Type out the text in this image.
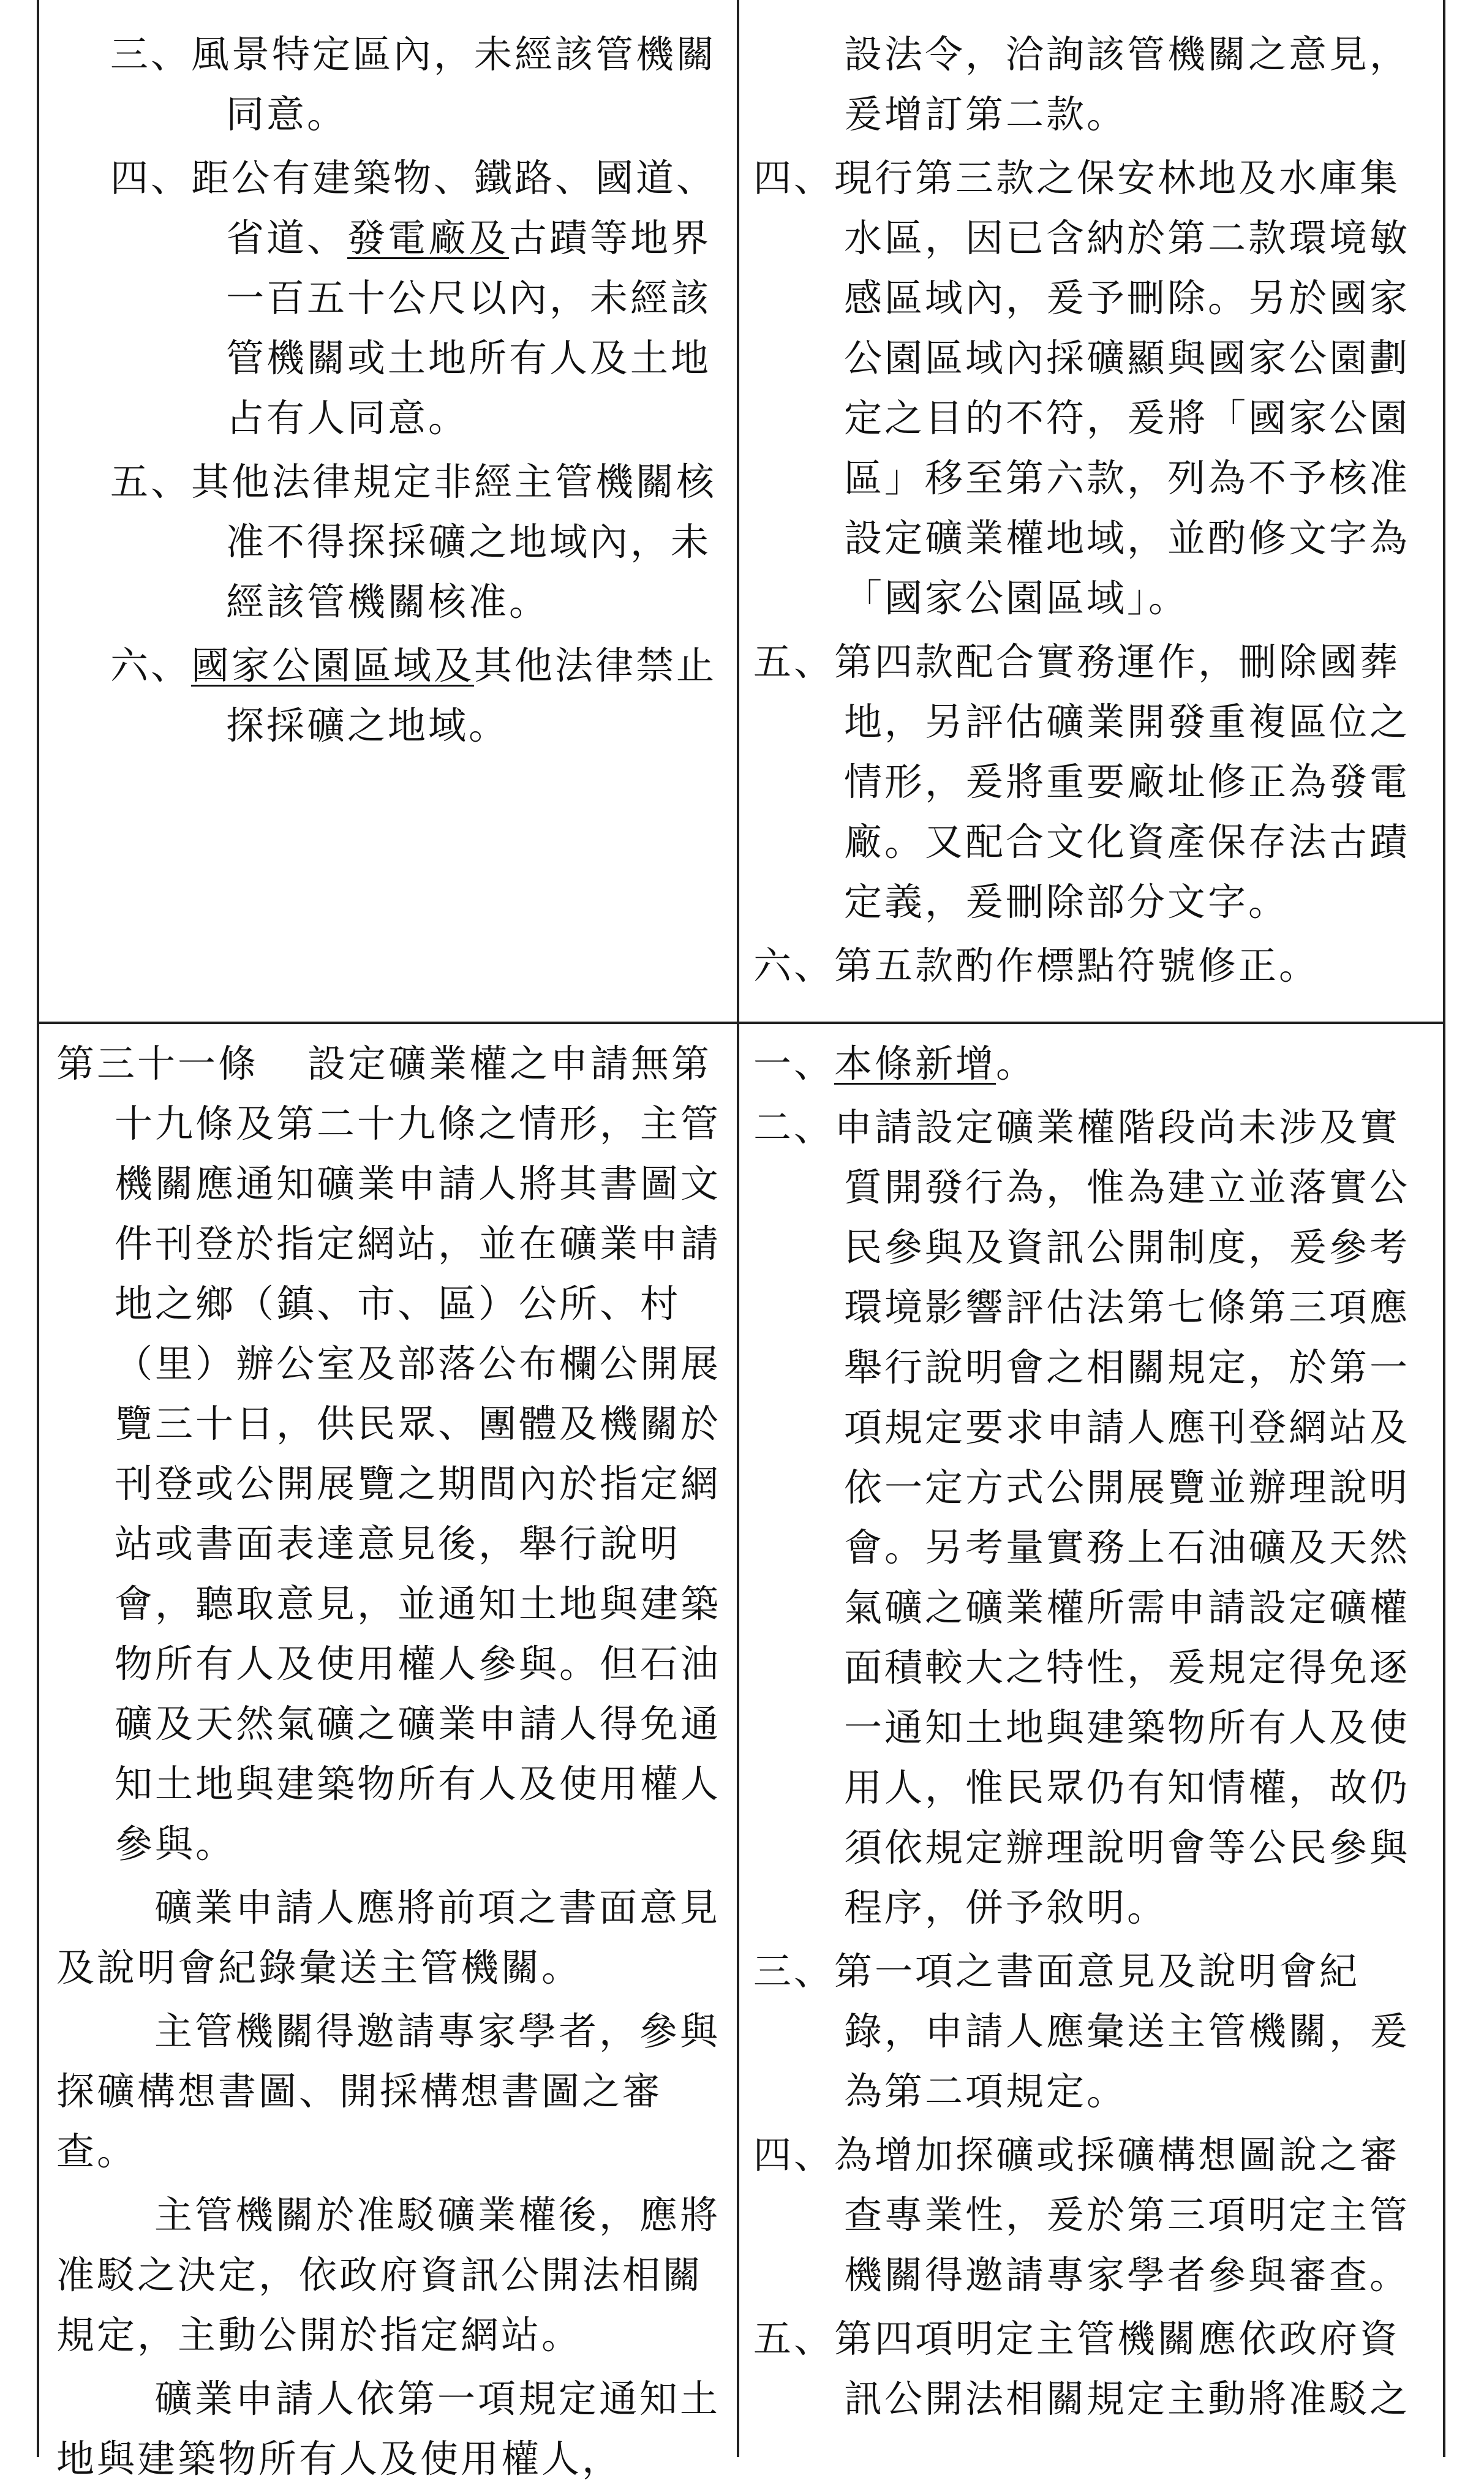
三、風景特定區內，未經該管機關同意。

四、距公有建築物、鐵路、國道、省道、發電廠及古蹟等地界一百五十公尺以內，未經該管機關或土地所有人及土地占有人同意。

五、其他法律規定非經主管機關核准不得探採礦之地域內，未經該管機關核准。

六、國家公園區域及其他法律禁止探採礦之地域。

設法令，洽詢該管機關之意見，爰增訂第二款。

四、現行第三款之保安林地及水庫集水區，因已含納於第二款環境敏感區域內，爰予刪除。另於國家公園區域內採礦顯與國家公園劃定之目的不符，爰將「國家公園區」移至第六款，列為不予核准設定礦業權地域，並酌修文字為「國家公園區域」。

五、第四款配合實務運作，刪除國葬地，另評估礦業開發重複區位之情形，爰將重要廠址修正為發電廠。又配合文化資產保存法古蹟定義，爰刪除部分文字。

六、第五款酌作標點符號修正。

第三十一條 設定礦業權之申請無第十九條及第二十九條之情形，主管機關應通知礦業申請人將其書圖文件刊登於指定網站，並在礦業申請地之鄉（鎮、市、區）公所、村（里）辦公室及部落公布欄公開展覽三十日，供民眾、團體及機關於刊登或公開展覽之期間內於指定網站或書面表達意見後，舉行說明會，聽取意見，並通知土地與建築物所有人及使用權人參與。但石油礦及天然氣礦之礦業申請人得免通知土地與建築物所有人及使用權人參與。

礦業申請人應將前項之書面意見及說明會紀錄彙送主管機關。

主管機關得邀請專家學者，參與探礦構想書圖、開採構想書圖之審查。

主管機關於准駁礦業權後，應將准駁之決定，依政府資訊公開法相關規定，主動公開於指定網站。

礦業申請人依第一項規定通知土地與建築物所有人及使用權人，

一、本條新增。

二、申請設定礦業權階段尚未涉及實質開發行為，惟為建立並落實公民參與及資訊公開制度，爰參考環境影響評估法第七條第三項應舉行說明會之相關規定，於第一項規定要求申請人應刊登網站及依一定方式公開展覽並辦理說明會。另考量實務上石油礦及天然氣礦之礦業權所需申請設定礦權面積較大之特性，爰規定得免逐一通知土地與建築物所有人及使用人，惟民眾仍有知情權，故仍須依規定辦理說明會等公民參與程序，併予敘明。

三、第一項之書面意見及說明會紀錄，申請人應彙送主管機關，爰為第二項規定。

四、為增加探礦或採礦構想圖說之審查專業性，爰於第三項明定主管機關得邀請專家學者參與審查。

五、第四項明定主管機關應依政府資訊公開法相關規定主動將准駁之
